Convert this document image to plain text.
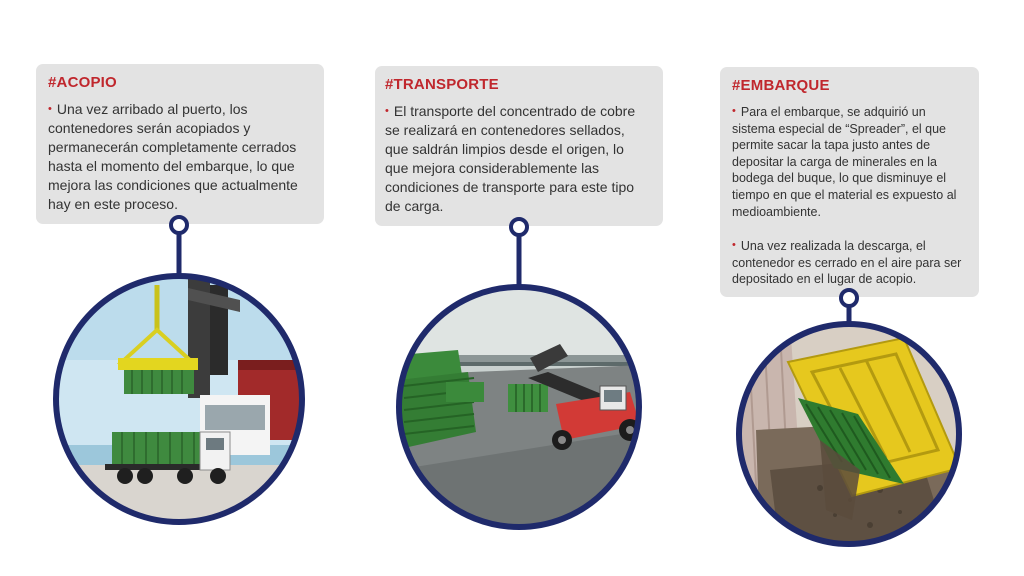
#ACOPIO

• Una vez arribado al puerto, los contenedores serán acopiados y permanecerán completamente cerrados hasta el momento del embarque, lo que mejora las condiciones que actualmente hay en este proceso.

#TRANSPORTE

• El transporte del concentrado de cobre se realizará en contenedores sellados, que saldrán limpios desde el origen, lo que mejora considerablemente las condiciones de transporte para este tipo de carga.

#EMBARQUE

• Para el embarque, se adquirió un sistema especial de “Spreader”, el que permite sacar la tapa justo antes de depositar la carga de minerales en la bodega del buque, lo que disminuye el tiempo en que el material es expuesto al medioambiente.

• Una vez realizada la descarga, el contenedor es cerrado en el aire para ser depositado en el lugar de acopio.
